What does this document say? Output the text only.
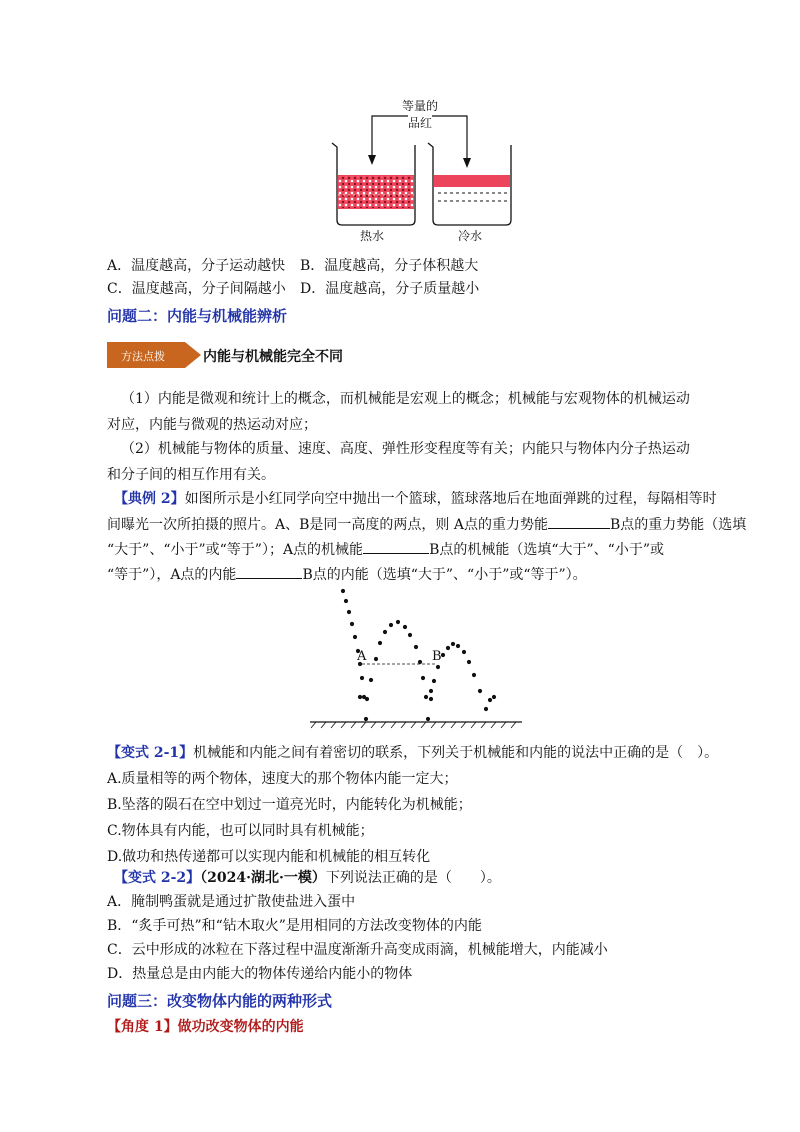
等量的
品红
热水	冷水
A．温度越高，分子运动越快 B．温度越高，分子体积越大
C．温度越高，分子间隔越小 D．温度越高，分子质量越小
问题二：内能与机械能辨析
方法点拨	内能与机械能完全不同
（1）内能是微观和统计上的概念，而机械能是宏观上的概念；机械能与宏观物体的机械运动对应，内能与微观的热运动对应；
（2）机械能与物体的质量、速度、高度、弹性形变程度等有关；内能只与物体内分子热运动和分子间的相互作用有关。
【典例 2】如图所示是小红同学向空中抛出一个篮球，篮球落地后在地面弹跳的过程，每隔相等时
间曝光一次所拍摄的照片。A、B是同一高度的两点，则 A点的重力势能	B点的重力势能（选填
“大于”、“小于”或“等于”）；A点的机械能	B点的机械能（选填“大于”、“小于”或
“等于”），A点的内能	B点的内能（选填“大于”、“小于”或“等于”）。
A	B
【变式 2-1】机械能和内能之间有着密切的联系，下列关于机械能和内能的说法中正确的是（　）。
A.质量相等的两个物体，速度大的那个物体内能一定大；
B.坠落的陨石在空中划过一道亮光时，内能转化为机械能；
C.物体具有内能，也可以同时具有机械能；
D.做功和热传递都可以实现内能和机械能的相互转化
【变式 2-2】（2024·湖北·一模）下列说法正确的是（　　）。
A．腌制鸭蛋就是通过扩散使盐进入蛋中
B．“炙手可热”和“钻木取火”是用相同的方法改变物体的内能
C．云中形成的冰粒在下落过程中温度渐渐升高变成雨滴，机械能增大，内能减小
D．热量总是由内能大的物体传递给内能小的物体
问题三：改变物体内能的两种形式
【角度 1】做功改变物体的内能
